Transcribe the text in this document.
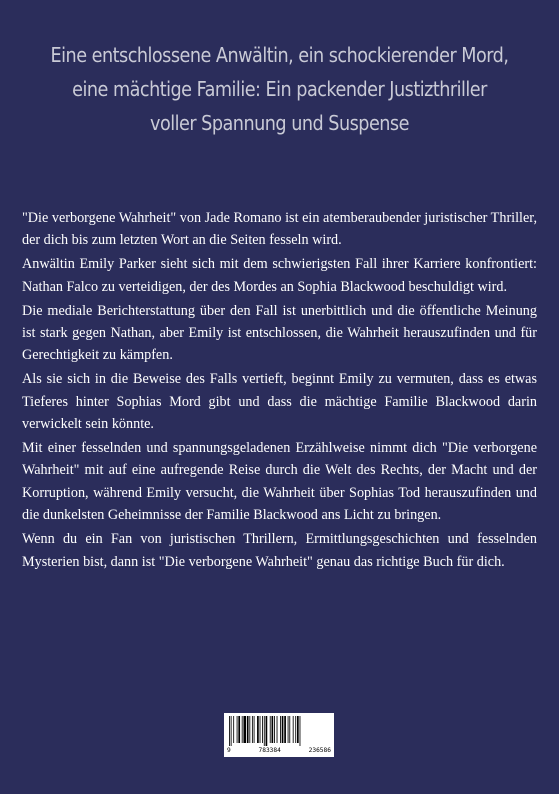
Eine entschlossene Anwältin, ein schockierender Mord,
eine mächtige Familie: Ein packender Justizthriller
voller Spannung und Suspense

"Die verborgene Wahrheit" von Jade Romano ist ein atemberaubender juristischer Thriller, der dich bis zum letzten Wort an die Seiten fesseln wird.

Anwältin Emily Parker sieht sich mit dem schwierigsten Fall ihrer Karriere konfrontiert: Nathan Falco zu verteidigen, der des Mordes an Sophia Blackwood beschuldigt wird.

Die mediale Berichterstattung über den Fall ist unerbittlich und die öffentliche Meinung ist stark gegen Nathan, aber Emily ist entschlossen, die Wahrheit herauszufinden und für Gerechtigkeit zu kämpfen.

Als sie sich in die Beweise des Falls vertieft, beginnt Emily zu vermuten, dass es etwas Tieferes hinter Sophias Mord gibt und dass die mächtige Familie Blackwood darin verwickelt sein könnte.

Mit einer fesselnden und spannungsgeladenen Erzählweise nimmt dich "Die verborgene Wahrheit" mit auf eine aufregende Reise durch die Welt des Rechts, der Macht und der Korruption, während Emily versucht, die Wahrheit über Sophias Tod herauszufinden und die dunkelsten Geheimnisse der Familie Blackwood ans Licht zu bringen.

Wenn du ein Fan von juristischen Thrillern, Ermittlungsgeschichten und fesselnden Mysterien bist, dann ist "Die verborgene Wahrheit" genau das richtige Buch für dich.

9	783384	236586
